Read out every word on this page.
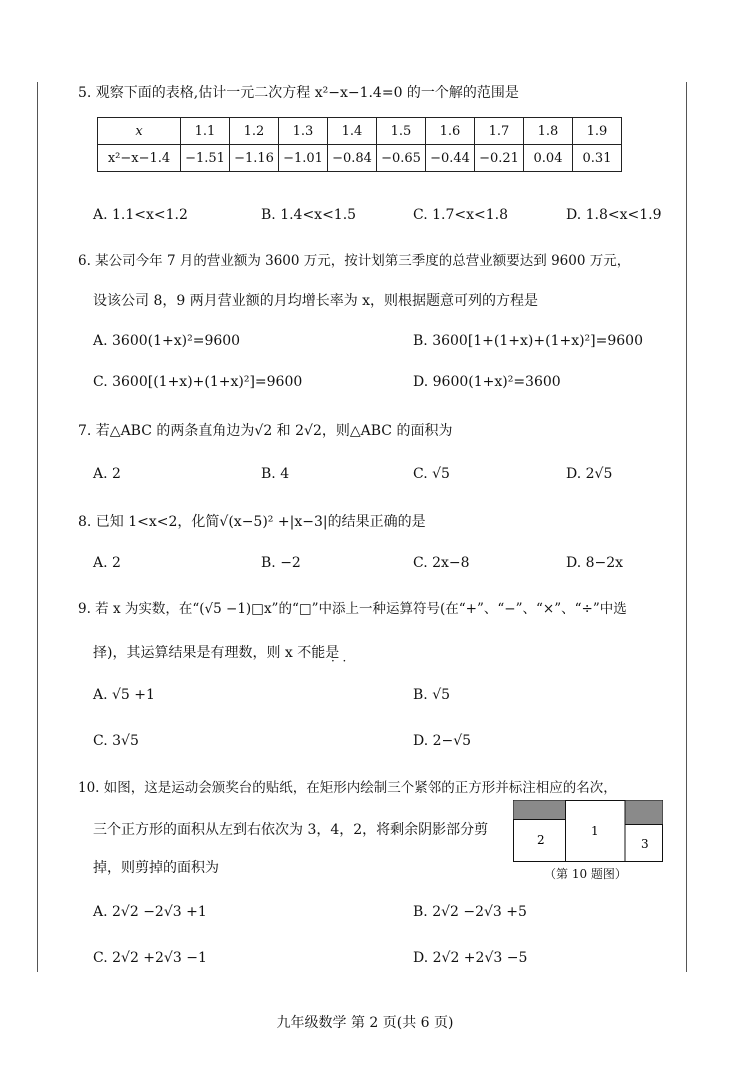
5. 观察下面的表格,估计一元二次方程 x²−x−1.4=0 的一个解的范围是
x	1.1	1.2	1.3	1.4	1.5	1.6	1.7	1.8	1.9
x²−x−1.4	−1.51	−1.16	−1.01	−0.84	−0.65	−0.44	−0.21	0.04	0.31
A. 1.1<x<1.2	B. 1.4<x<1.5	C. 1.7<x<1.8	D. 1.8<x<1.9
6. 某公司今年 7 月的营业额为 3600 万元，按计划第三季度的总营业额要达到 9600 万元，
设该公司 8，9 两月营业额的月均增长率为 x，则根据题意可列的方程是
A. 3600(1+x)²=9600	B. 3600[1+(1+x)+(1+x)²]=9600
C. 3600[(1+x)+(1+x)²]=9600	D. 9600(1+x)²=3600
7. 若△ABC 的两条直角边为√2 和 2√2，则△ABC 的面积为
A. 2	B. 4	C. √5	D. 2√5
8. 已知 1<x<2，化简√(x−5)² +|x−3|的结果正确的是
A. 2	B. −2	C. 2x−8	D. 8−2x
9. 若 x 为实数，在“(√5 −1)□x”的“□”中添上一种运算符号(在“+”、“−”、“×”、“÷”中选
择)，其运算结果是有理数，则 x 不能是
·  ·
A. √5 +1	B. √5
C. 3√5	D. 2−√5
10. 如图，这是运动会颁奖台的贴纸，在矩形内绘制三个紧邻的正方形并标注相应的名次，
三个正方形的面积从左到右依次为 3，4，2，将剩余阴影部分剪
掉，则剪掉的面积为
2
1
3
（第 10 题图）
A. 2√2 −2√3 +1	B. 2√2 −2√3 +5
C. 2√2 +2√3 −1	D. 2√2 +2√3 −5
九年级数学 第 2 页(共 6 页)
